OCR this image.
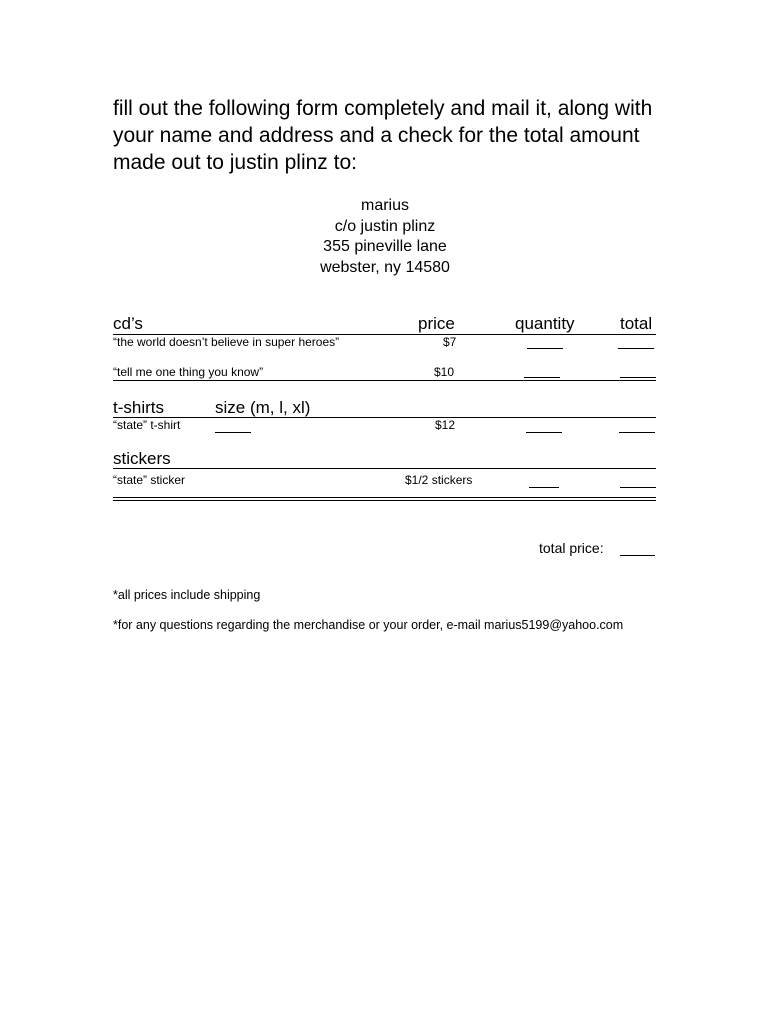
fill out the following form completely and mail it, along with your name and address and a check for the total amount made out to justin plinz to:

marius
c/o justin plinz
355 pineville lane
webster, ny 14580
cd’s	price	quantity	total
“the world doesn’t believe in super heroes”	$7
“tell me one thing you know”	$10
t-shirts	size (m, l, xl)
“state” t-shirt	$12
stickers
“state” sticker	$1/2 stickers
total price:
*all prices include shipping
*for any questions regarding the merchandise or your order, e-mail marius5199@yahoo.com
